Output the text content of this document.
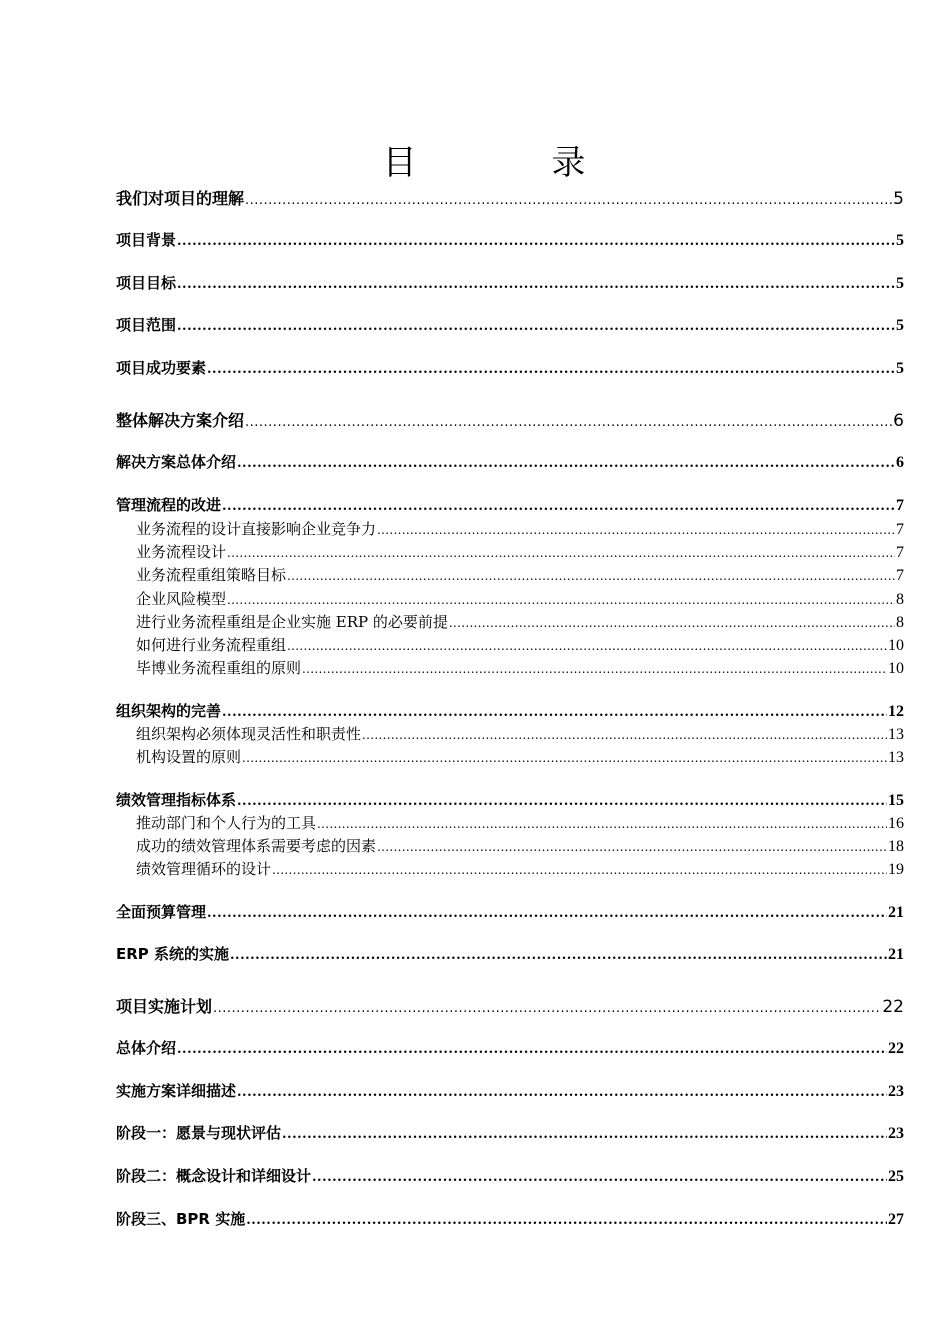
目 录
我们对项目的理解 .....	5
项目背景 .....	5
项目目标 .....	5
项目范围 .....	5
项目成功要素 .....	5
整体解决方案介绍 .....	6
解决方案总体介绍 .....	6
管理流程的改进 .....	7
业务流程的设计直接影响企业竞争力 .....	7
业务流程设计 .....	7
业务流程重组策略目标 .....	7
企业风险模型 .....	8
进行业务流程重组是企业实施 ERP 的必要前提 .....	8
如何进行业务流程重组 .....	10
毕博业务流程重组的原则 .....	10
组织架构的完善 .....	12
组织架构必须体现灵活性和职责性 .....	13
机构设置的原则 .....	13
绩效管理指标体系 .....	15
推动部门和个人行为的工具 .....	16
成功的绩效管理体系需要考虑的因素 .....	18
绩效管理循环的设计 .....	19
全面预算管理 .....	21
ERP 系统的实施 .....	21
项目实施计划 .....	22
总体介绍 .....	22
实施方案详细描述 .....	23
阶段一：愿景与现状评估 .....	23
阶段二：概念设计和详细设计 .....	25
阶段三、BPR 实施 .....	27
